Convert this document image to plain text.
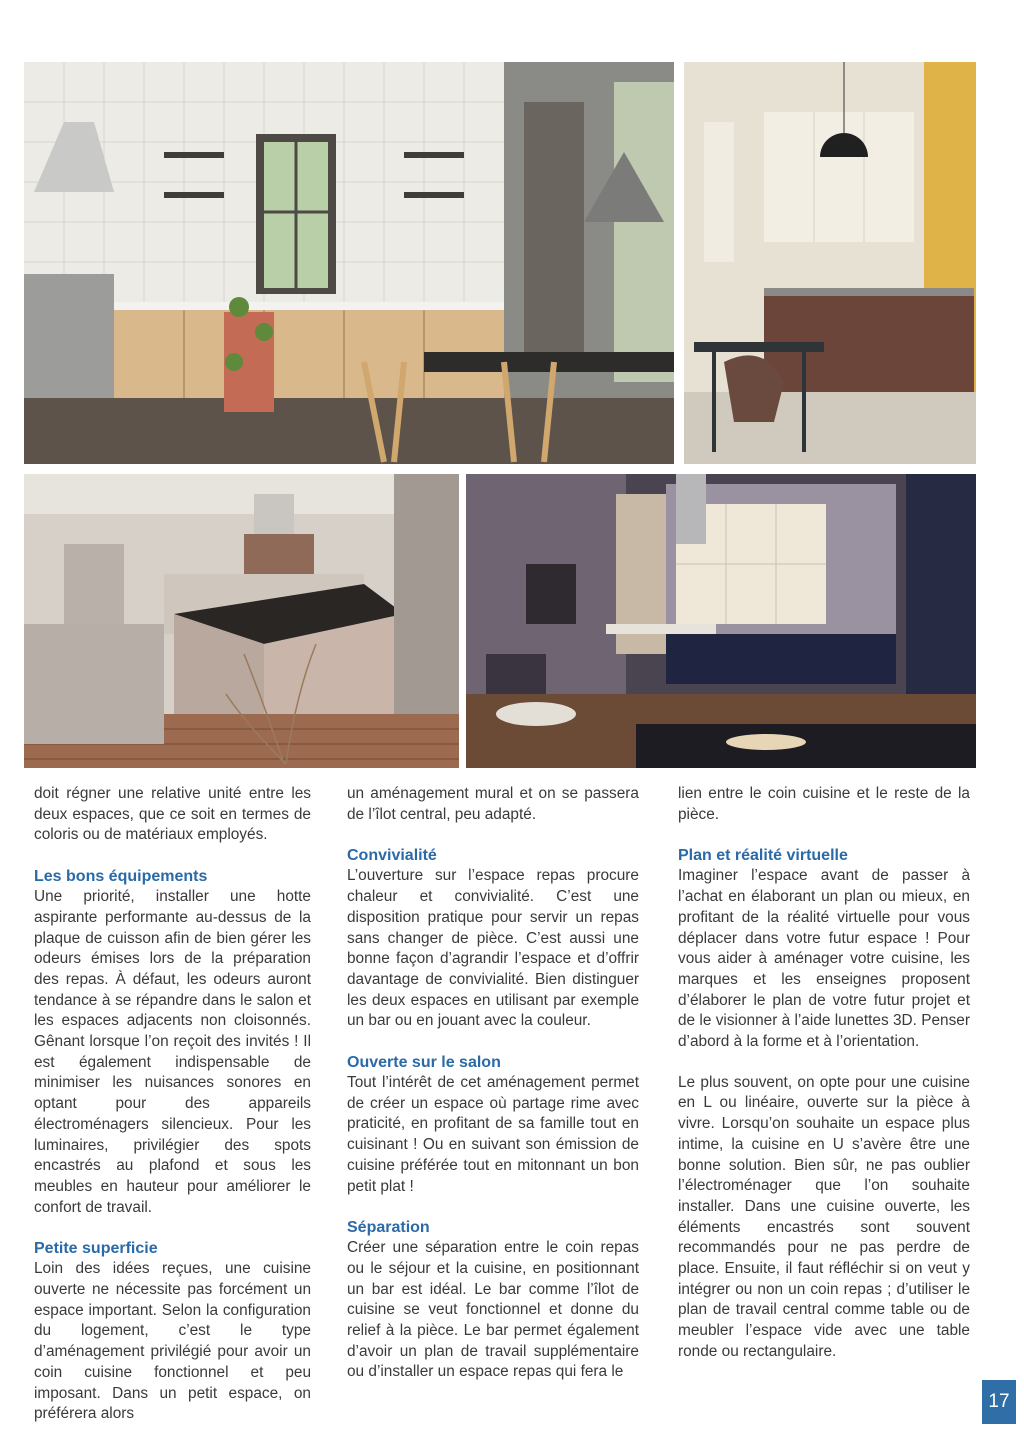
doit régner une relative unité entre les deux espaces, que ce soit en termes de coloris ou de matériaux employés.

Les bons équipements

Une priorité, installer une hotte aspirante performante au-dessus de la plaque de cuisson afin de bien gérer les odeurs émises lors de la préparation des repas. À défaut, les odeurs auront tendance à se répandre dans le salon et les espaces adjacents non cloisonnés. Gênant lorsque l’on reçoit des invités ! Il est également indispensable de minimiser les nuisances sonores en optant pour des appareils électroménagers silencieux. Pour les luminaires, privilégier des spots encastrés au plafond et sous les meubles en hauteur pour améliorer le confort de travail.

Petite superficie

Loin des idées reçues, une cuisine ouverte ne nécessite pas forcément un espace important. Selon la configuration du logement, c’est le type d’aménagement privilégié pour avoir un coin cuisine fonctionnel et peu imposant. Dans un petit espace, on préférera alors

un aménagement mural et on se passera de l’îlot central, peu adapté.

Convivialité

L’ouverture sur l’espace repas procure chaleur et convivialité. C’est une disposition pratique pour servir un repas sans changer de pièce. C’est aussi une bonne façon d’agrandir l’espace et d’offrir davantage de convivialité. Bien distinguer les deux espaces en utilisant par exemple un bar ou en jouant avec la couleur.

Ouverte sur le salon

Tout l’intérêt de cet aménagement permet de créer un espace où partage rime avec praticité, en profitant de sa famille tout en cuisinant ! Ou en suivant son émission de cuisine préférée tout en mitonnant un bon petit plat !

Séparation

Créer une séparation entre le coin repas ou le séjour et la cuisine, en positionnant un bar est idéal. Le bar comme l’îlot de cuisine se veut fonctionnel et donne du relief à la pièce. Le bar permet également d’avoir un plan de travail supplémentaire ou d’installer un espace repas qui fera le

lien entre le coin cuisine et le reste de la pièce.

Plan et réalité virtuelle

Imaginer l’espace avant de passer à l’achat en élaborant un plan ou mieux, en profitant de la réalité virtuelle pour vous déplacer dans votre futur espace ! Pour vous aider à aménager votre cuisine, les marques et les enseignes proposent d’élaborer le plan de votre futur projet et de le visionner à l’aide lunettes 3D. Penser d’abord à la forme et à l’orientation.

Le plus souvent, on opte pour une cuisine en L ou linéaire, ouverte sur la pièce à vivre. Lorsqu’on souhaite un espace plus intime, la cuisine en U s’avère être une bonne solution. Bien sûr, ne pas oublier l’électroménager que l’on souhaite installer. Dans une cuisine ouverte, les éléments encastrés sont souvent recommandés pour ne pas perdre de place. Ensuite, il faut réfléchir si on veut y intégrer ou non un coin repas ; d’utiliser le plan de travail central comme table ou de meubler l’espace vide avec une table ronde ou rectangulaire.

17
